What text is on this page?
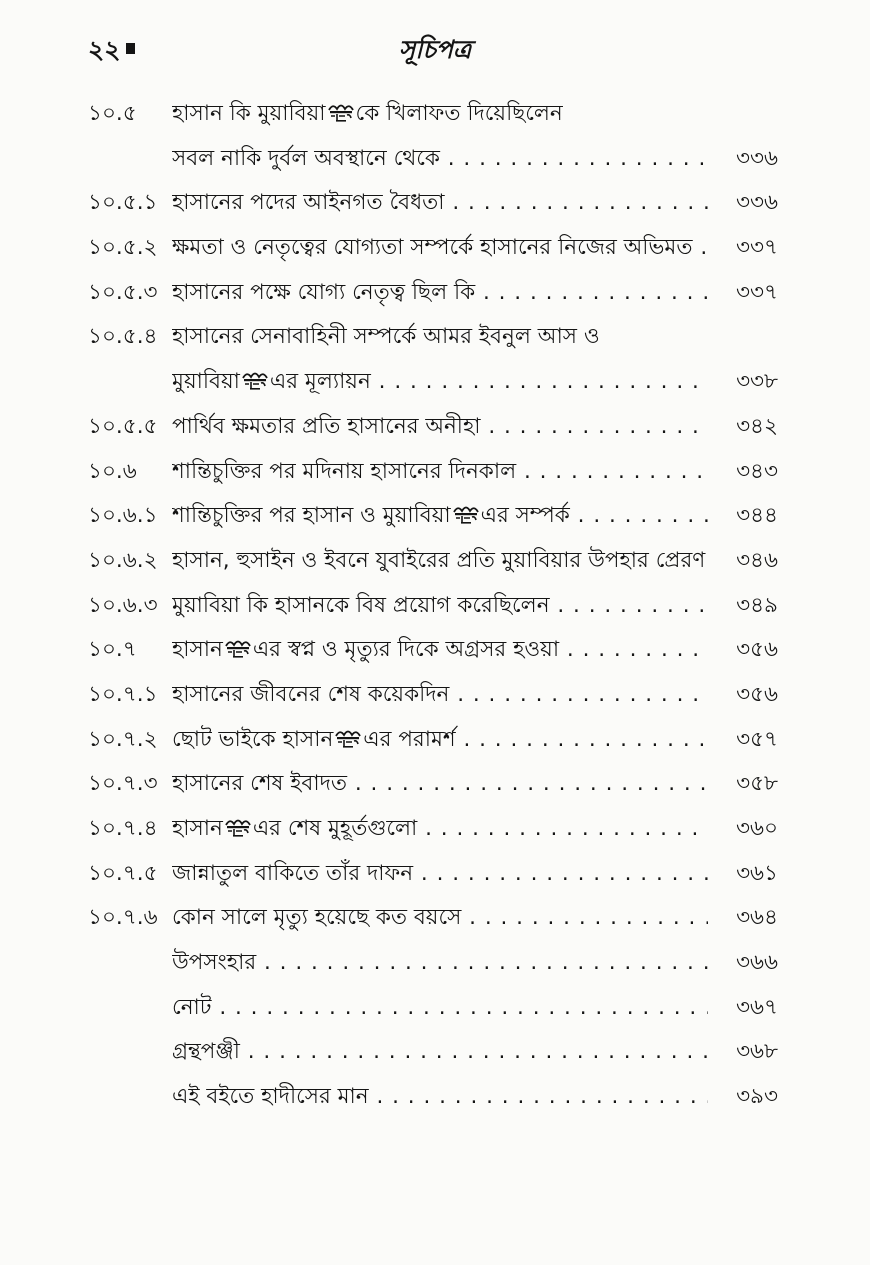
২২	সূচিপত্র
১০.৫	হাসান কি মুয়াবিয়া কে খিলাফত দিয়েছিলেন
সবল নাকি দুর্বল অবস্থানে থেকে . . .	৩৩৬
১০.৫.১ হাসানের পদের আইনগত বৈধতা . . .	৩৩৬
১০.৫.২ ক্ষমতা ও নেতৃত্বের যোগ্যতা সম্পর্কে হাসানের নিজের অভিমত . . .	৩৩৭
১০.৫.৩ হাসানের পক্ষে যোগ্য নেতৃত্ব ছিল কি . . .	৩৩৭
১০.৫.৪ হাসানের সেনাবাহিনী সম্পর্কে আমর ইবনুল আস ও
মুয়াবিয়া এর মূল্যায়ন . . .	৩৩৮
১০.৫.৫ পার্থিব ক্ষমতার প্রতি হাসানের অনীহা . . .	৩৪২
১০.৬	শান্তিচুক্তির পর মদিনায় হাসানের দিনকাল . . .	৩৪৩
১০.৬.১ শান্তিচুক্তির পর হাসান ও মুয়াবিয়া এর সম্পর্ক . . .	৩৪৪
১০.৬.২ হাসান, হুসাইন ও ইবনে যুবাইরের প্রতি মুয়াবিয়ার উপহার প্রেরণ . . .	৩৪৬
১০.৬.৩ মুয়াবিয়া কি হাসানকে বিষ প্রয়োগ করেছিলেন . . .	৩৪৯
১০.৭	হাসান এর স্বপ্ন ও মৃত্যুর দিকে অগ্রসর হওয়া . . .	৩৫৬
১০.৭.১ হাসানের জীবনের শেষ কয়েকদিন . . .	৩৫৬
১০.৭.২ ছোট ভাইকে হাসান এর পরামর্শ . . .	৩৫৭
১০.৭.৩ হাসানের শেষ ইবাদত . . .	৩৫৮
১০.৭.৪ হাসান এর শেষ মুহূর্তগুলো . . .	৩৬০
১০.৭.৫ জান্নাতুল বাকিতে তাঁর দাফন . . .	৩৬১
১০.৭.৬ কোন সালে মৃত্যু হয়েছে কত বয়সে . . .	৩৬৪
উপসংহার . . .	৩৬৬
নোট . . .	৩৬৭
গ্রন্থপঞ্জী . . .	৩৬৮
এই বইতে হাদীসের মান . . .	৩৯৩
